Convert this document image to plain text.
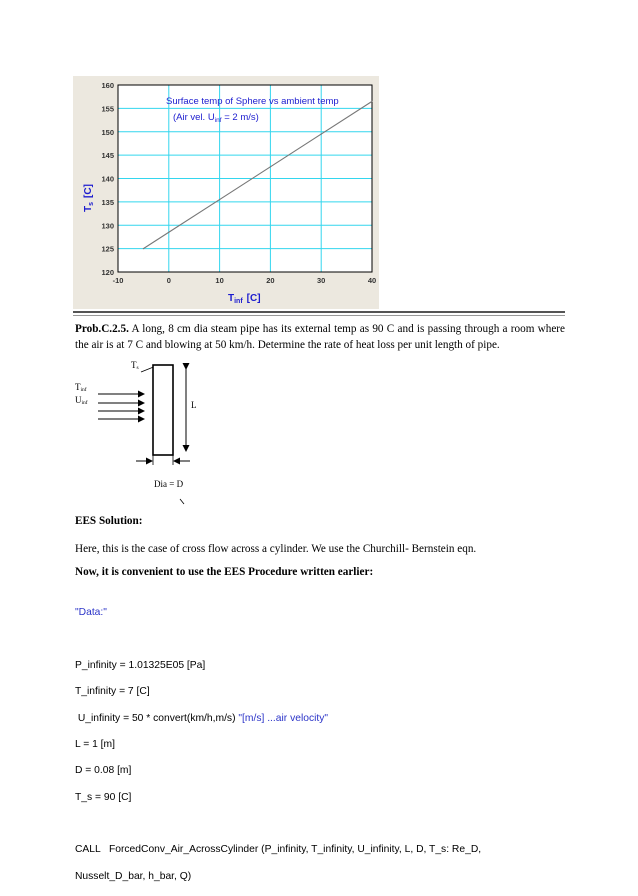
-10	0	10	20	30	40
120
125
130
135
140
145
150
155
160
Surface temp of Sphere vs ambient temp
(Air vel. $U_{inf} = 2$ m/s)
$T_{inf}$ [C]
$T_s[C]$
Prob.C.2.5. A long, 8 cm dia steam pipe has its external temp as 90 C and is passing through a room where the air is at 7 C and blowing at 50 km/h. Determine the rate of heat loss per unit length of pipe.
$T_s$
$T_{inf}$
$U_{inf}$	L
Dia = D
EES Solution:
Here, this is the case of cross flow across a cylinder. We use the Churchill- Bernstein eqn.
Now, it is convenient to use the EES Procedure written earlier:

"Data:"

P_infinity = 1.01325E05 [Pa]

T_infinity = 7 [C]

U_infinity = 50 * convert(km/h,m/s) "[m/s] ...air velocity"

L = 1 [m]

D = 0.08 [m]

T_s = 90 [C]

CALL   ForcedConv_Air_AcrossCylinder (P_infinity, T_infinity, U_infinity, L, D, T_s: Re_D,

Nusselt_D_bar, h_bar, Q)
